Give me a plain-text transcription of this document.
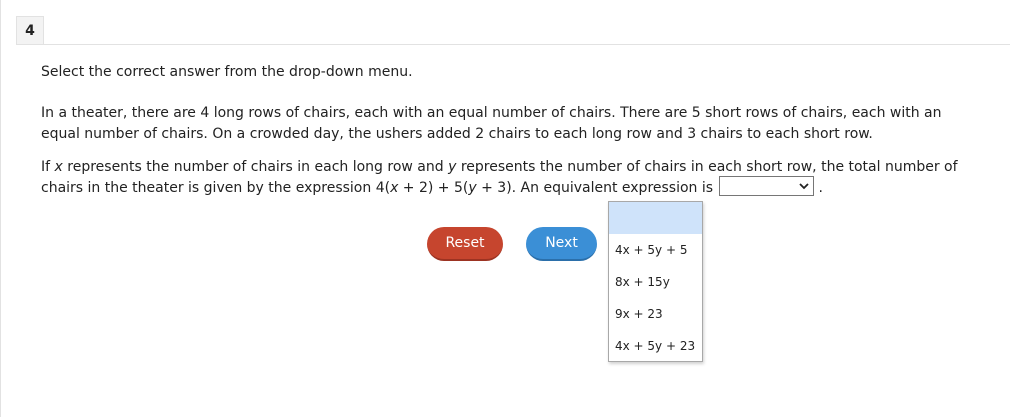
4
Select the correct answer from the drop-down menu.
In a theater, there are 4 long rows of chairs, each with an equal number of chairs. There are 5 short rows of chairs, each with an equal number of chairs. On a crowded day, the ushers added 2 chairs to each long row and 3 chairs to each short row.
If x represents the number of chairs in each long row and y represents the number of chairs in each short row, the total number of chairs in the theater is given by the expression 4(x + 2) + 5(y + 3). An equivalent expression is	.
4x + 5y + 5
8x + 15y
9x + 23
4x + 5y + 23
Reset	Next
